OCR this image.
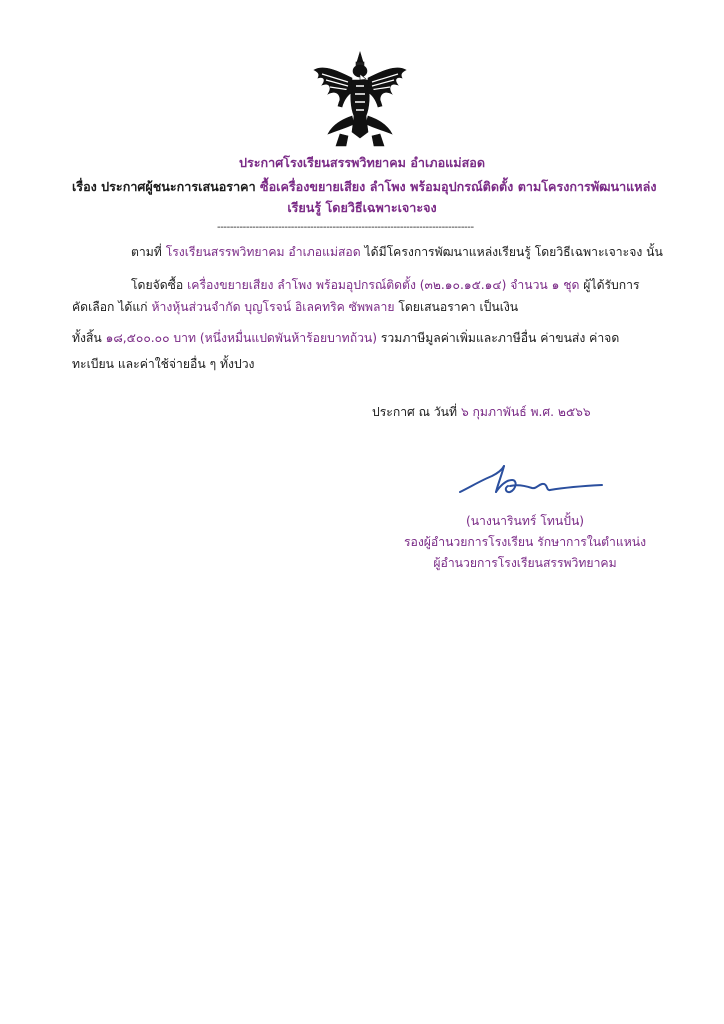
ประกาศโรงเรียนสรรพวิทยาคม อำเภอแม่สอด
เรื่อง ประกาศผู้ชนะการเสนอราคา ซื้อเครื่องขยายเสียง ลำโพง พร้อมอุปกรณ์ติดตั้ง ตามโครงการพัฒนาแหล่ง
เรียนรู้ โดยวิธีเฉพาะเจาะจง
--------------------------------------------------------------------------------
ตามที่ โรงเรียนสรรพวิทยาคม อำเภอแม่สอด ได้มีโครงการพัฒนาแหล่งเรียนรู้ โดยวิธีเฉพาะเจาะจง นั้น
โดยจัดซื้อ เครื่องขยายเสียง ลำโพง พร้อมอุปกรณ์ติดตั้ง (๓๒.๑๐.๑๕.๑๔) จำนวน ๑ ชุด ผู้ได้รับการ
คัดเลือก ได้แก่ ห้างหุ้นส่วนจำกัด บุญโรจน์ อิเลคทริค ซัพพลาย โดยเสนอราคา เป็นเงิน
ทั้งสิ้น ๑๘,๕๐๐.๐๐ บาท (หนึ่งหมื่นแปดพันห้าร้อยบาทถ้วน) รวมภาษีมูลค่าเพิ่มและภาษีอื่น ค่าขนส่ง ค่าจด
ทะเบียน และค่าใช้จ่ายอื่น ๆ ทั้งปวง
ประกาศ ณ วันที่ ๖ กุมภาพันธ์ พ.ศ. ๒๕๖๖
(นางนารินทร์ โทนปั้น)
รองผู้อำนวยการโรงเรียน รักษาการในตำแหน่ง
ผู้อำนวยการโรงเรียนสรรพวิทยาคม
